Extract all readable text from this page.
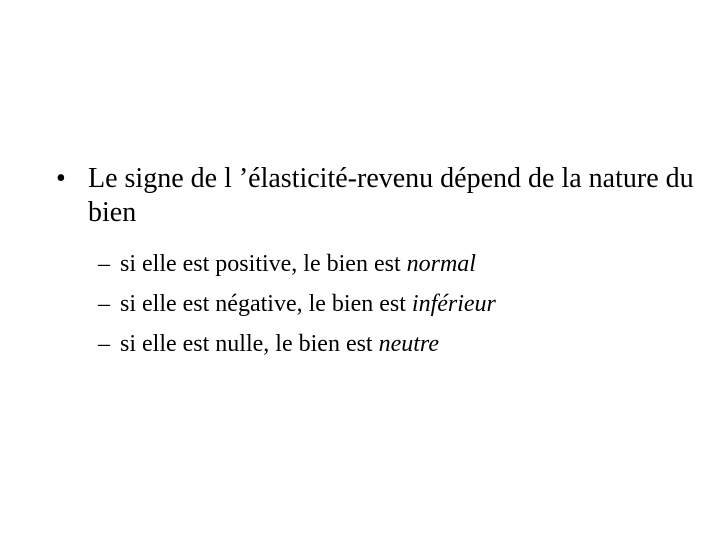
• Le signe de l ’élasticité-revenu dépend de la nature du bien
– si elle est positive, le bien est normal
– si elle est négative, le bien est inférieur
– si elle est nulle, le bien est neutre
